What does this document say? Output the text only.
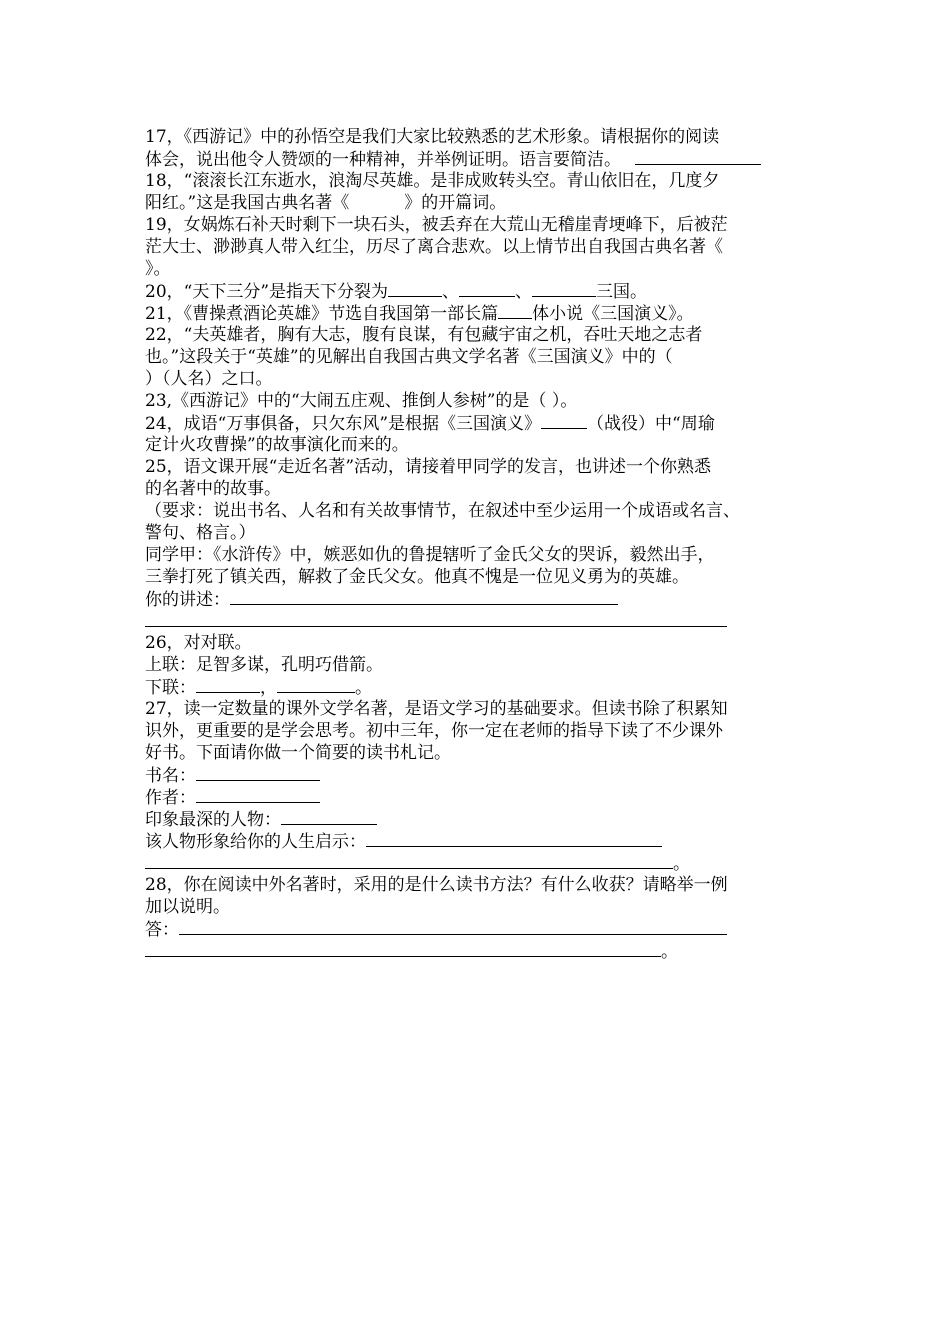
17，《西游记》中的孙悟空是我们大家比较熟悉的艺术形象。请根据你的阅读
体会，说出他令人赞颂的一种精神，并举例证明。语言要简洁。
18，“滚滚长江东逝水，浪淘尽英雄。是非成败转头空。青山依旧在，几度夕
阳红。”这是我国古典名著《	》的开篇词。
19，女娲炼石补天时剩下一块石头，被丢弃在大荒山无稽崖青埂峰下，后被茫
茫大士、渺渺真人带入红尘，历尽了离合悲欢。以上情节出自我国古典名著《
》。
20，“天下三分”是指天下分裂为	、	、	三国。
21，《曹操煮酒论英雄》节选自我国第一部长篇 体小说《三国演义》。
22，“夫英雄者，胸有大志，腹有良谋，有包藏宇宙之机，吞吐天地之志者
也。”这段关于“英雄”的见解出自我国古典文学名著《三国演义》中的（
）（人名）之口。
23,《西游记》中的“大闹五庄观、推倒人参树”的是（ ）。
24，成语“万事俱备，只欠东风”是根据《三国演义》	（战役）中“周瑜
定计火攻曹操”的故事演化而来的。
25，语文课开展“走近名著”活动，请接着甲同学的发言，也讲述一个你熟悉
的名著中的故事。
（要求：说出书名、人名和有关故事情节，在叙述中至少运用一个成语或名言、
警句、格言。）
同学甲：《水浒传》中，嫉恶如仇的鲁提辖听了金氏父女的哭诉，毅然出手，
三拳打死了镇关西，解救了金氏父女。他真不愧是一位见义勇为的英雄。
你的讲述：
26，对对联。
上联：足智多谋，孔明巧借箭。
下联：	，	。
27，读一定数量的课外文学名著，是语文学习的基础要求。但读书除了积累知
识外，更重要的是学会思考。初中三年，你一定在老师的指导下读了不少课外
好书。下面请你做一个简要的读书札记。
书名：
作者：
印象最深的人物：
该人物形象给你的人生启示：
。
28，你在阅读中外名著时，采用的是什么读书方法？有什么收获？请略举一例
加以说明。
答：
。
